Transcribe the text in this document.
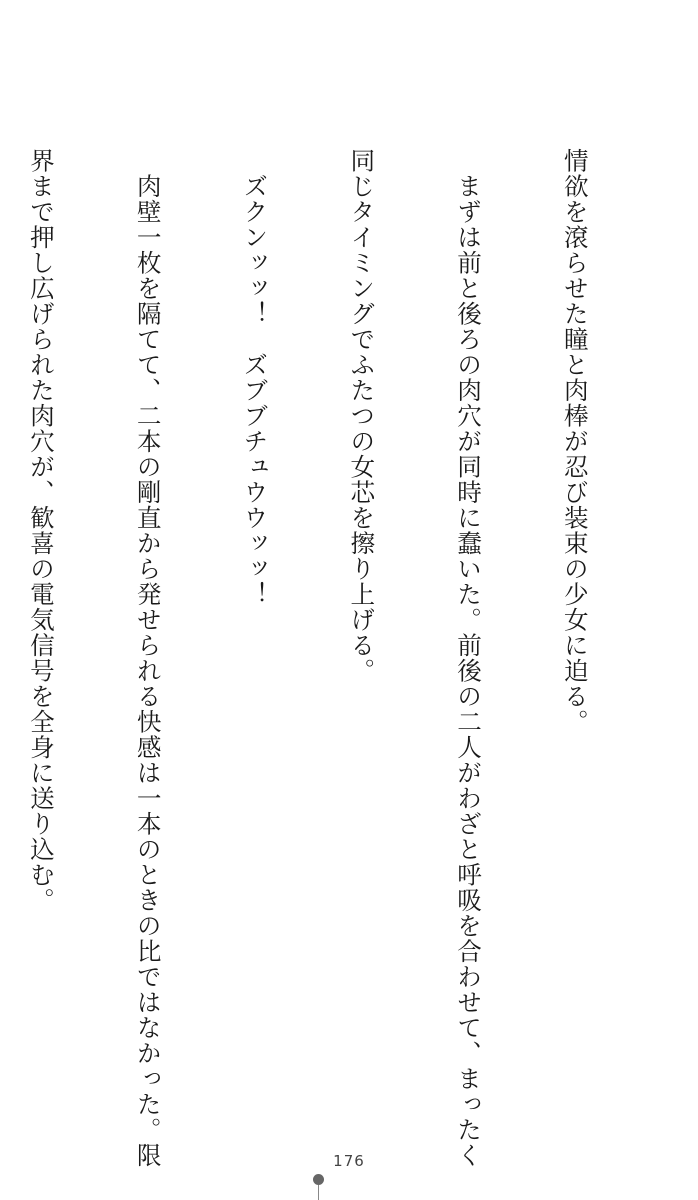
情欲を滾らせた瞳と肉棒が忍び装束の少女に迫る。

　まずは前と後ろの肉穴が同時に蠢いた。前後の二人がわざと呼吸を合わせて、まったく

同じタイミングでふたつの女芯を擦り上げる。

　ズクンッッ！　ズブブチュウウッッ！

　肉壁一枚を隔てて、二本の剛直から発せられる快感は一本のときの比ではなかった。限

界まで押し広げられた肉穴が、歓喜の電気信号を全身に送り込む。

176
